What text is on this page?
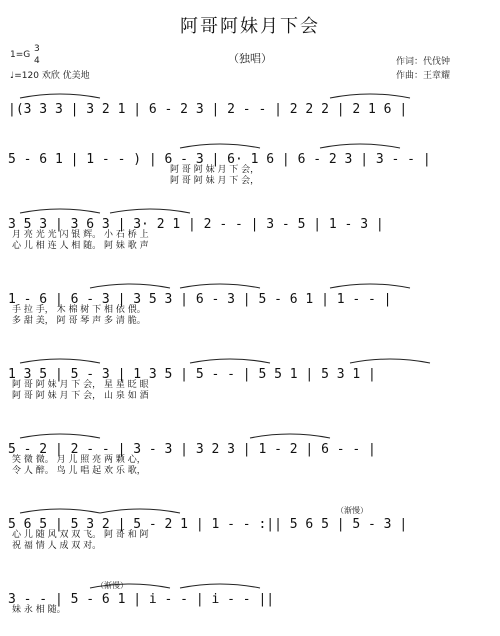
阿哥阿妹月下会
（独唱）
1=G
3
4
♩=120 欢欣 优美地
作词：代伐钟
作曲：王章耀
|(3 3 3 | 3 2 1 | 6 - 2 3 | 2 - - | 2 2 2 | 2 1 6 |
5 - 6 1 | 1 - - ) | 6 - 3 | 6· 1 6 | 6 - 2 3 | 3 - - |
阿 哥 阿 妹 月 下 会，
阿 哥 阿 妹 月 下 会，
3 5 3 | 3 6 3 | 3· 2 1 | 2 - - | 3 - 5 | 1 - 3 |
月 亮 光 光 闪 银 辉。 小 石 桥 上
心 儿 相 连 人 相 随。 阿 妹 歌 声
1 - 6 | 6 - 3 | 3 5 3 | 6 - 3 | 5 - 6 1 | 1 - - |
手 拉 手， 木 棉 树 下 相 依 偎。
多 甜 美， 阿 哥 琴 声 多 清 脆。
1 3 5 | 5 - 3 | 1 3 5 | 5 - - | 5 5 1 | 5 3 1 |
阿 哥 阿 妹 月 下 会， 星 星 眨 眼
阿 哥 阿 妹 月 下 会， 山 泉 如 酒
5 - 2 | 2 - - | 3 - 3 | 3 2 3 | 1 - 2 | 6 - - |
笑 微 微。 月 儿 照 亮 两 颗 心，
令 人 醉。 鸟 儿 唱 起 欢 乐 歌，
（渐慢）
5 6 5 | 5 3 2 | 5 - 2 1 | 1 - - :|| 5 6 5 | 5 - 3 |
心 儿 随 风 双 双 飞。 阿 哥 和 阿
祝 福 情 人 成 双 对。
（渐慢）
3 - - | 5 - 6 1 | i - - | i - - ||
妹 永 相 随。
